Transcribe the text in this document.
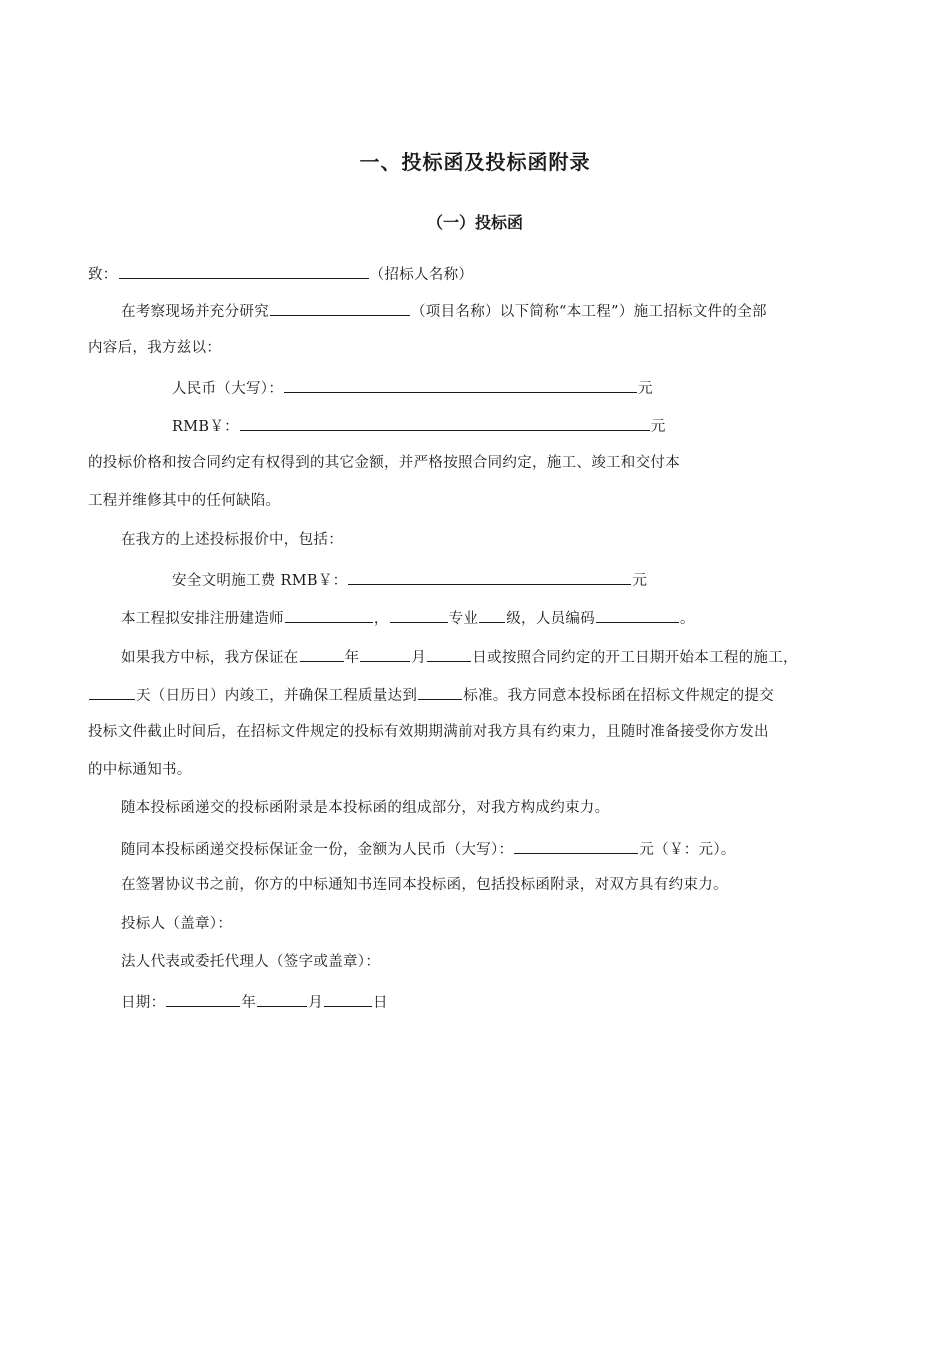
一、投标函及投标函附录
（一）投标函
致：	（招标人名称）
在考察现场并充分研究	（项目名称）以下简称“本工程”）施工招标文件的全部
内容后，我方兹以：
人民币（大写）：	元
RMB￥：	元
的投标价格和按合同约定有权得到的其它金额，并严格按照合同约定，施工、竣工和交付本
工程并维修其中的任何缺陷。
在我方的上述投标报价中，包括：
安全文明施工费 RMB￥：	元
本工程拟安排注册建造师	，	专业 级，人员编码	。
如果我方中标，我方保证在	年	月	日或按照合同约定的开工日期开始本工程的施工，
天（日历日）内竣工，并确保工程质量达到	标准。我方同意本投标函在招标文件规定的提交
投标文件截止时间后，在招标文件规定的投标有效期期满前对我方具有约束力，且随时准备接受你方发出
的中标通知书。
随本投标函递交的投标函附录是本投标函的组成部分，对我方构成约束力。
随同本投标函递交投标保证金一份，金额为人民币（大写）：	元（￥：元）。
在签署协议书之前，你方的中标通知书连同本投标函，包括投标函附录，对双方具有约束力。
投标人（盖章）：
法人代表或委托代理人（签字或盖章）：
日期：	年	月	日
